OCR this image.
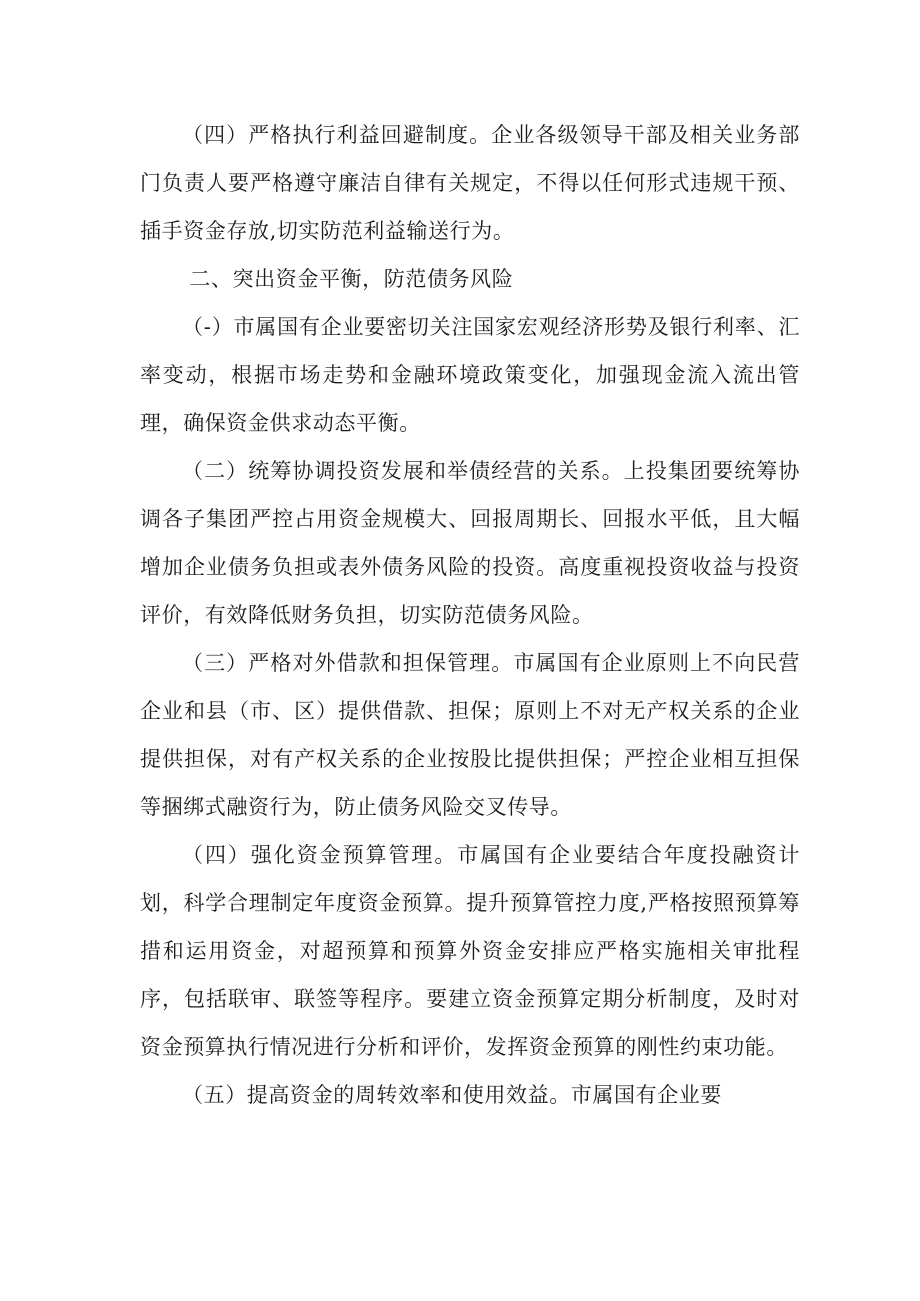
（四）严格执行利益回避制度。企业各级领导干部及相关业务部门负责人要严格遵守廉洁自律有关规定，不得以任何形式违规干预、插手资金存放,切实防范利益输送行为。

二、突出资金平衡，防范债务风险

（-）市属国有企业要密切关注国家宏观经济形势及银行利率、汇率变动，根据市场走势和金融环境政策变化，加强现金流入流出管理，确保资金供求动态平衡。

（二）统筹协调投资发展和举债经营的关系。上投集团要统筹协调各子集团严控占用资金规模大、回报周期长、回报水平低，且大幅增加企业债务负担或表外债务风险的投资。高度重视投资收益与投资评价，有效降低财务负担，切实防范债务风险。

（三）严格对外借款和担保管理。市属国有企业原则上不向民营企业和县（市、区）提供借款、担保；原则上不对无产权关系的企业提供担保，对有产权关系的企业按股比提供担保；严控企业相互担保等捆绑式融资行为，防止债务风险交叉传导。

（四）强化资金预算管理。市属国有企业要结合年度投融资计划，科学合理制定年度资金预算。提升预算管控力度,严格按照预算筹措和运用资金，对超预算和预算外资金安排应严格实施相关审批程序，包括联审、联签等程序。要建立资金预算定期分析制度，及时对资金预算执行情况进行分析和评价，发挥资金预算的刚性约束功能。

（五）提高资金的周转效率和使用效益。市属国有企业要
